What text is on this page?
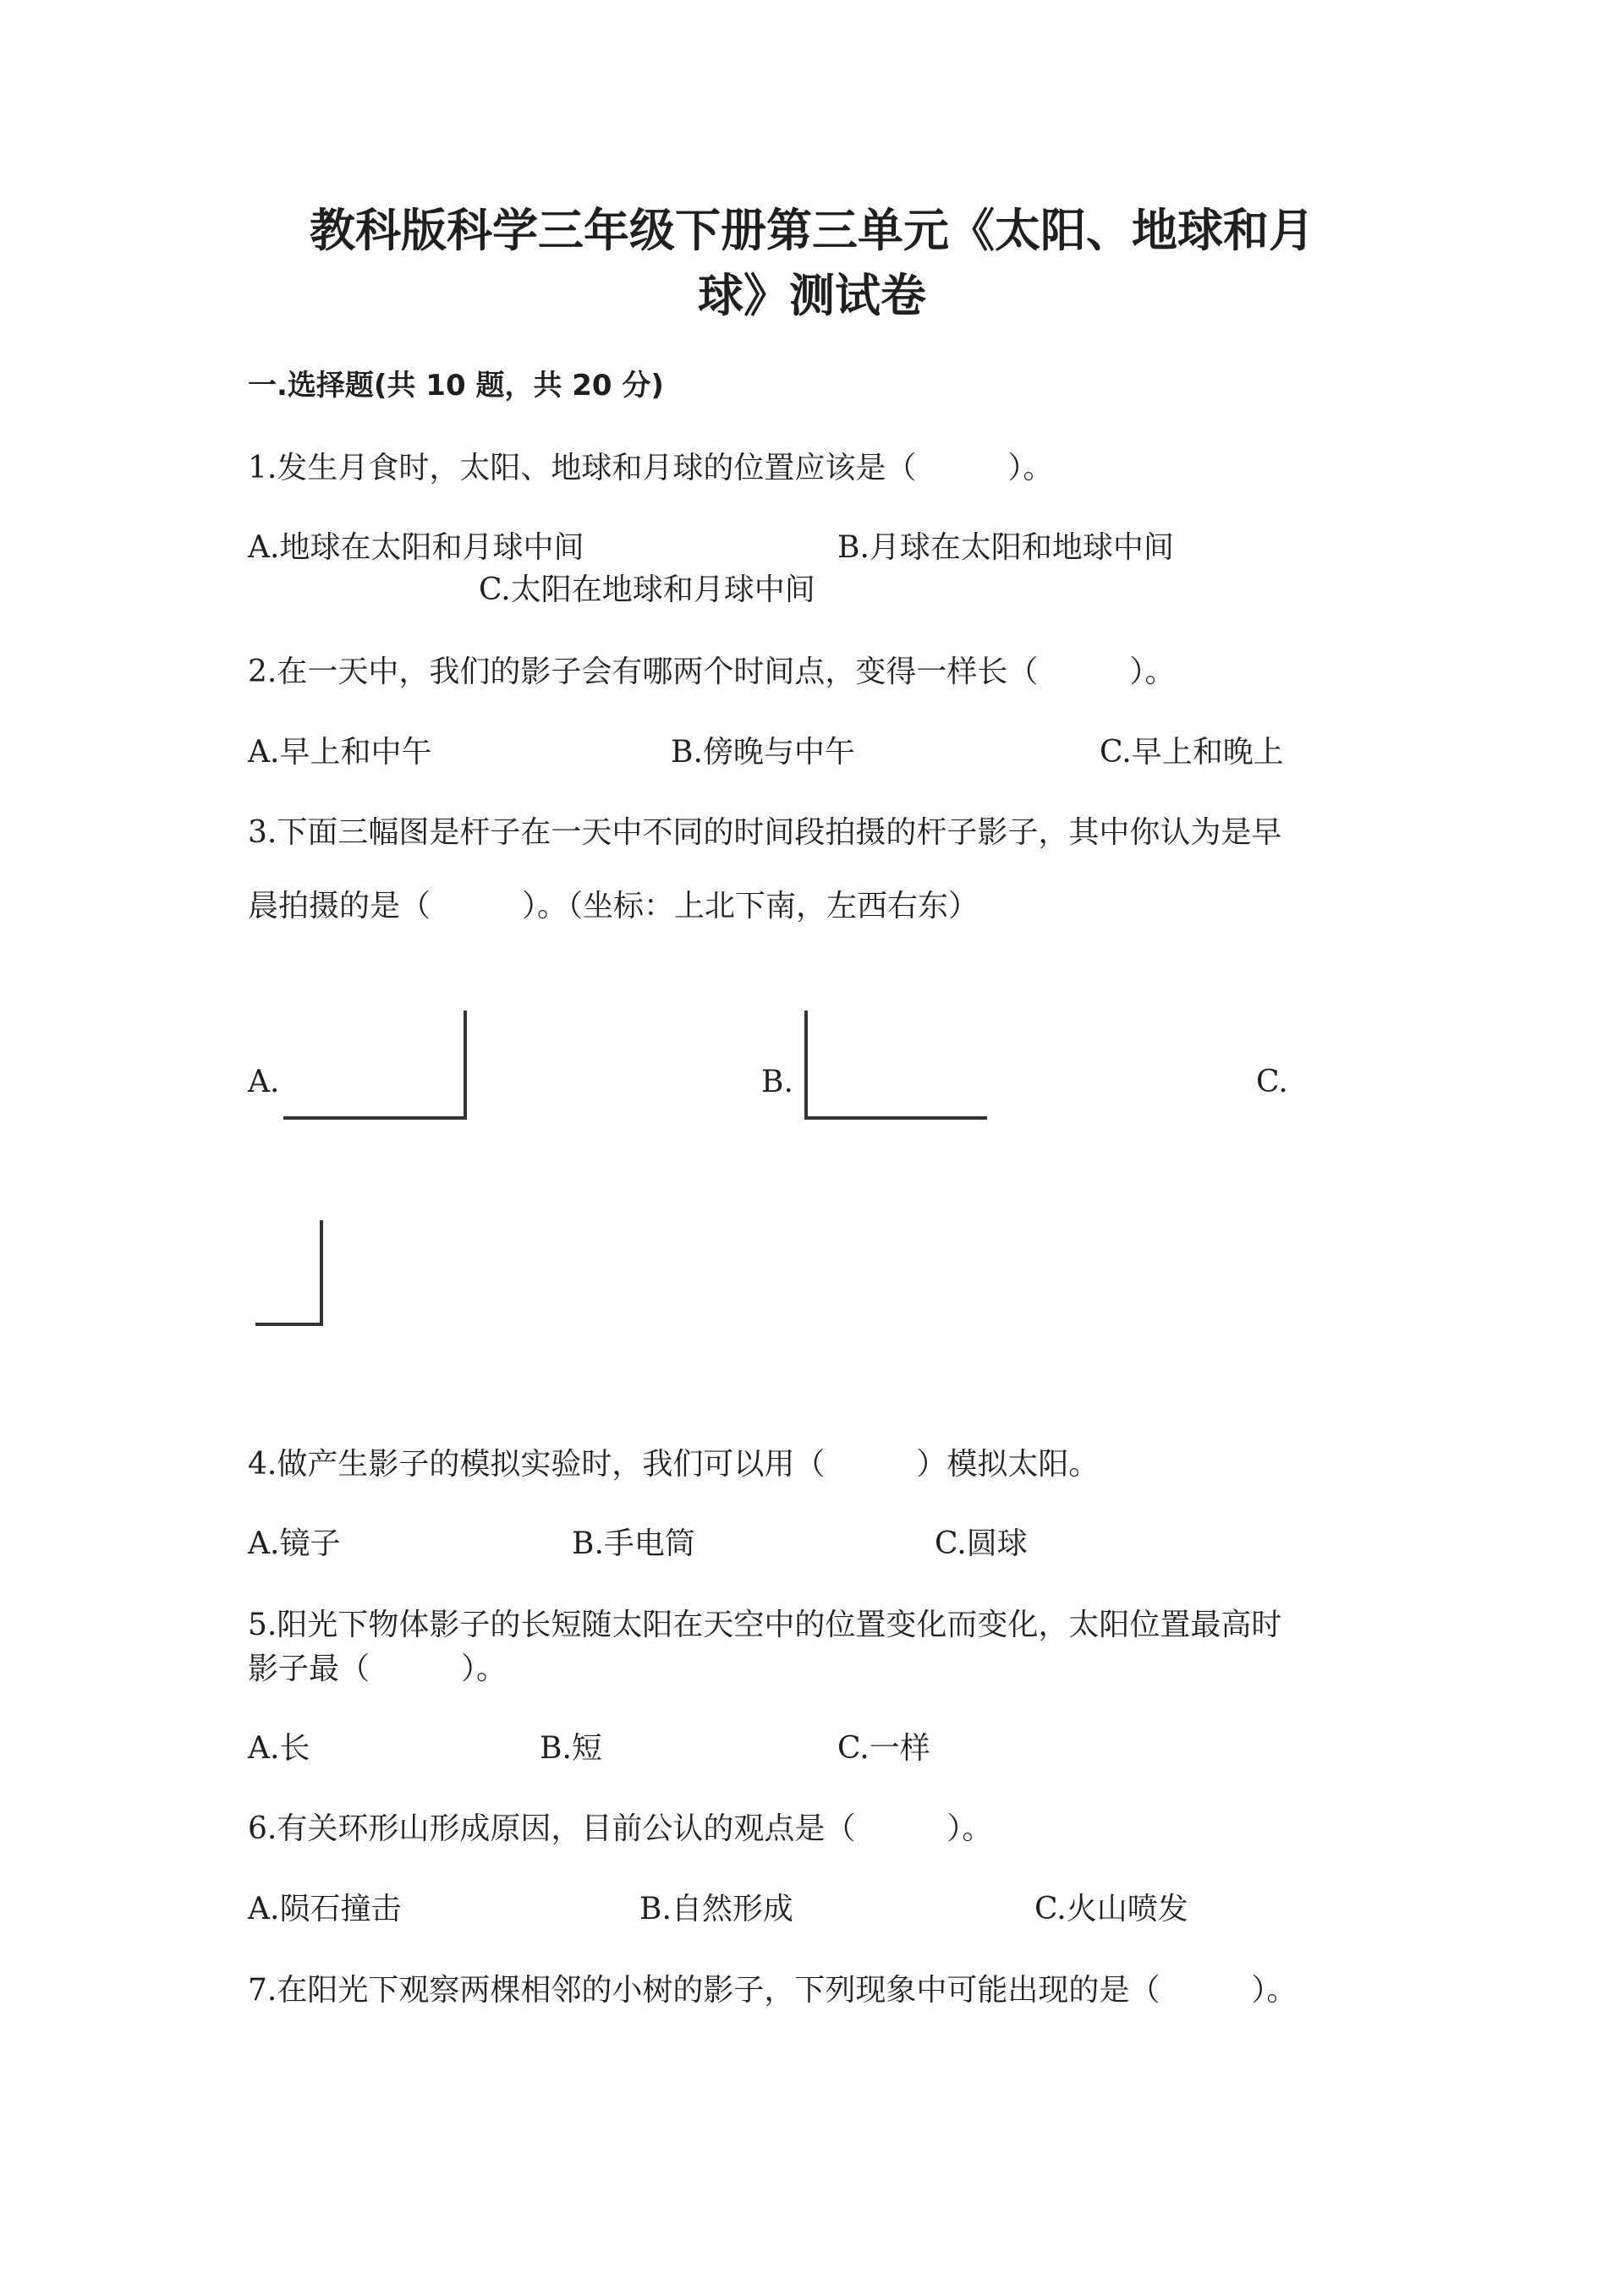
教科版科学三年级下册第三单元《太阳、地球和月
球》测试卷
一.选择题(共 10 题，共 20 分)
1.发生月食时，太阳、地球和月球的位置应该是（　　　）。
A.地球在太阳和月球中间	B.月球在太阳和地球中间
C.太阳在地球和月球中间
2.在一天中，我们的影子会有哪两个时间点，变得一样长（　　　）。
A.早上和中午	B.傍晚与中午	C.早上和晚上
3.下面三幅图是杆子在一天中不同的时间段拍摄的杆子影子，其中你认为是早
晨拍摄的是（　　　）。（坐标：上北下南，左西右东）
A.	B.	C.
4.做产生影子的模拟实验时，我们可以用（　　　）模拟太阳。
A.镜子	B.手电筒	C.圆球
5.阳光下物体影子的长短随太阳在天空中的位置变化而变化，太阳位置最高时
影子最（　　　）。
A.长	B.短	C.一样
6.有关环形山形成原因，目前公认的观点是（　　　）。
A.陨石撞击	B.自然形成	C.火山喷发
7.在阳光下观察两棵相邻的小树的影子，下列现象中可能出现的是（　　　）。
